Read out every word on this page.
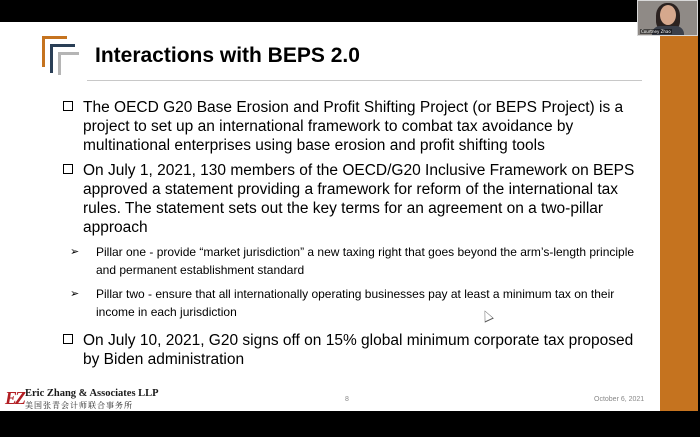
Interactions with BEPS 2.0
The OECD G20 Base Erosion and Profit Shifting Project (or BEPS Project) is a project to set up an international framework to combat tax avoidance by multinational enterprises using base erosion and profit shifting tools
On July 1, 2021, 130 members of the OECD/G20 Inclusive Framework on BEPS approved a statement providing a framework for reform of the international tax rules. The statement sets out the key terms for an agreement on a two-pillar approach
➢ Pillar one - provide “market jurisdiction” a new taxing right that goes beyond the arm’s-length principle and permanent establishment standard
➢ Pillar two - ensure that all internationally operating businesses pay at least a minimum tax on their income in each jurisdiction
On July 10, 2021, G20 signs off on 15% global minimum corporate tax proposed by Biden administration
EZ Eric Zhang & Associates LLP
美国张青会计师联合事务所
8	October 6, 2021
Courtney Zhao
